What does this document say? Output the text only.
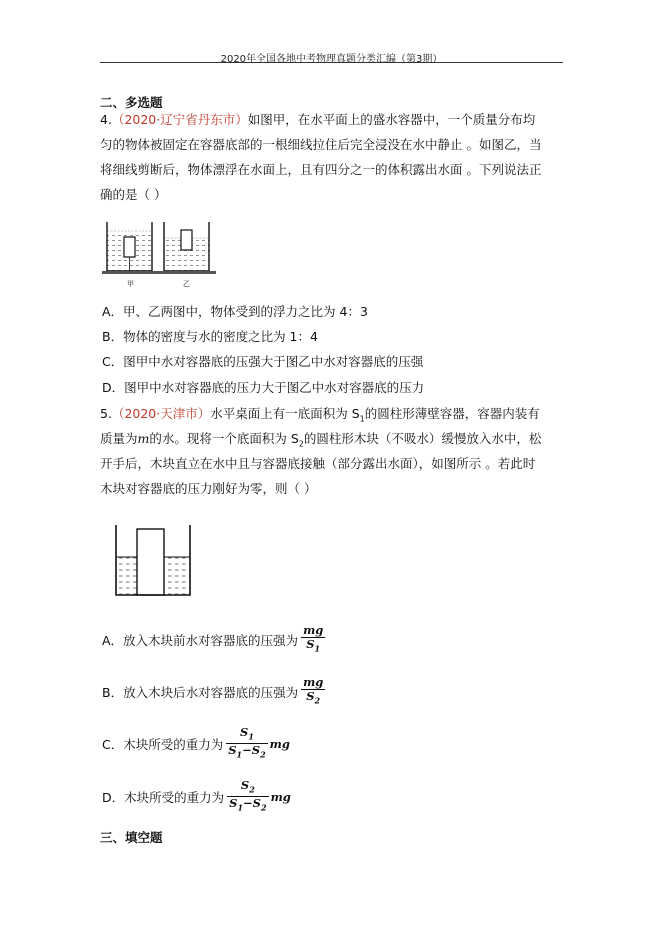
2020年全国各地中考物理真题分类汇编（第3期）
二、多选题
4.（2020·辽宁省丹东市）如图甲，在水平面上的盛水容器中，一个质量分布均
匀的物体被固定在容器底部的一根细线拉住后完全浸没在水中静止 。如图乙，当
将细线剪断后，物体漂浮在水面上，且有四分之一的体积露出水面 。下列说法正
确的是（ ）
甲	乙
A．甲、乙两图中，物体受到的浮力之比为 4：3
B．物体的密度与水的密度之比为 1：4
C．图甲中水对容器底的压强大于图乙中水对容器底的压强
D．图甲中水对容器底的压力大于图乙中水对容器底的压力
5.（2020·天津市）水平桌面上有一底面积为 $S_1$的圆柱形薄壁容器，容器内装有
质量为m的水。现将一个底面积为 $S_2$的圆柱形木块（不吸水）缓慢放入水中，松
开手后，木块直立在水中且与容器底接触（部分露出水面），如图所示 。若此时
木块对容器底的压力刚好为零，则（ ）
A．放入木块前水对容器底的压强为 $\frac{mg}{S_1}$
B．放入木块后水对容器底的压强为 $\frac{mg}{S_2}$
C．木块所受的重力为 $\frac{S_1}{S_1-S_2}$ mg
D．木块所受的重力为 $\frac{S_2}{S_1-S_2}$ mg
三、填空题
